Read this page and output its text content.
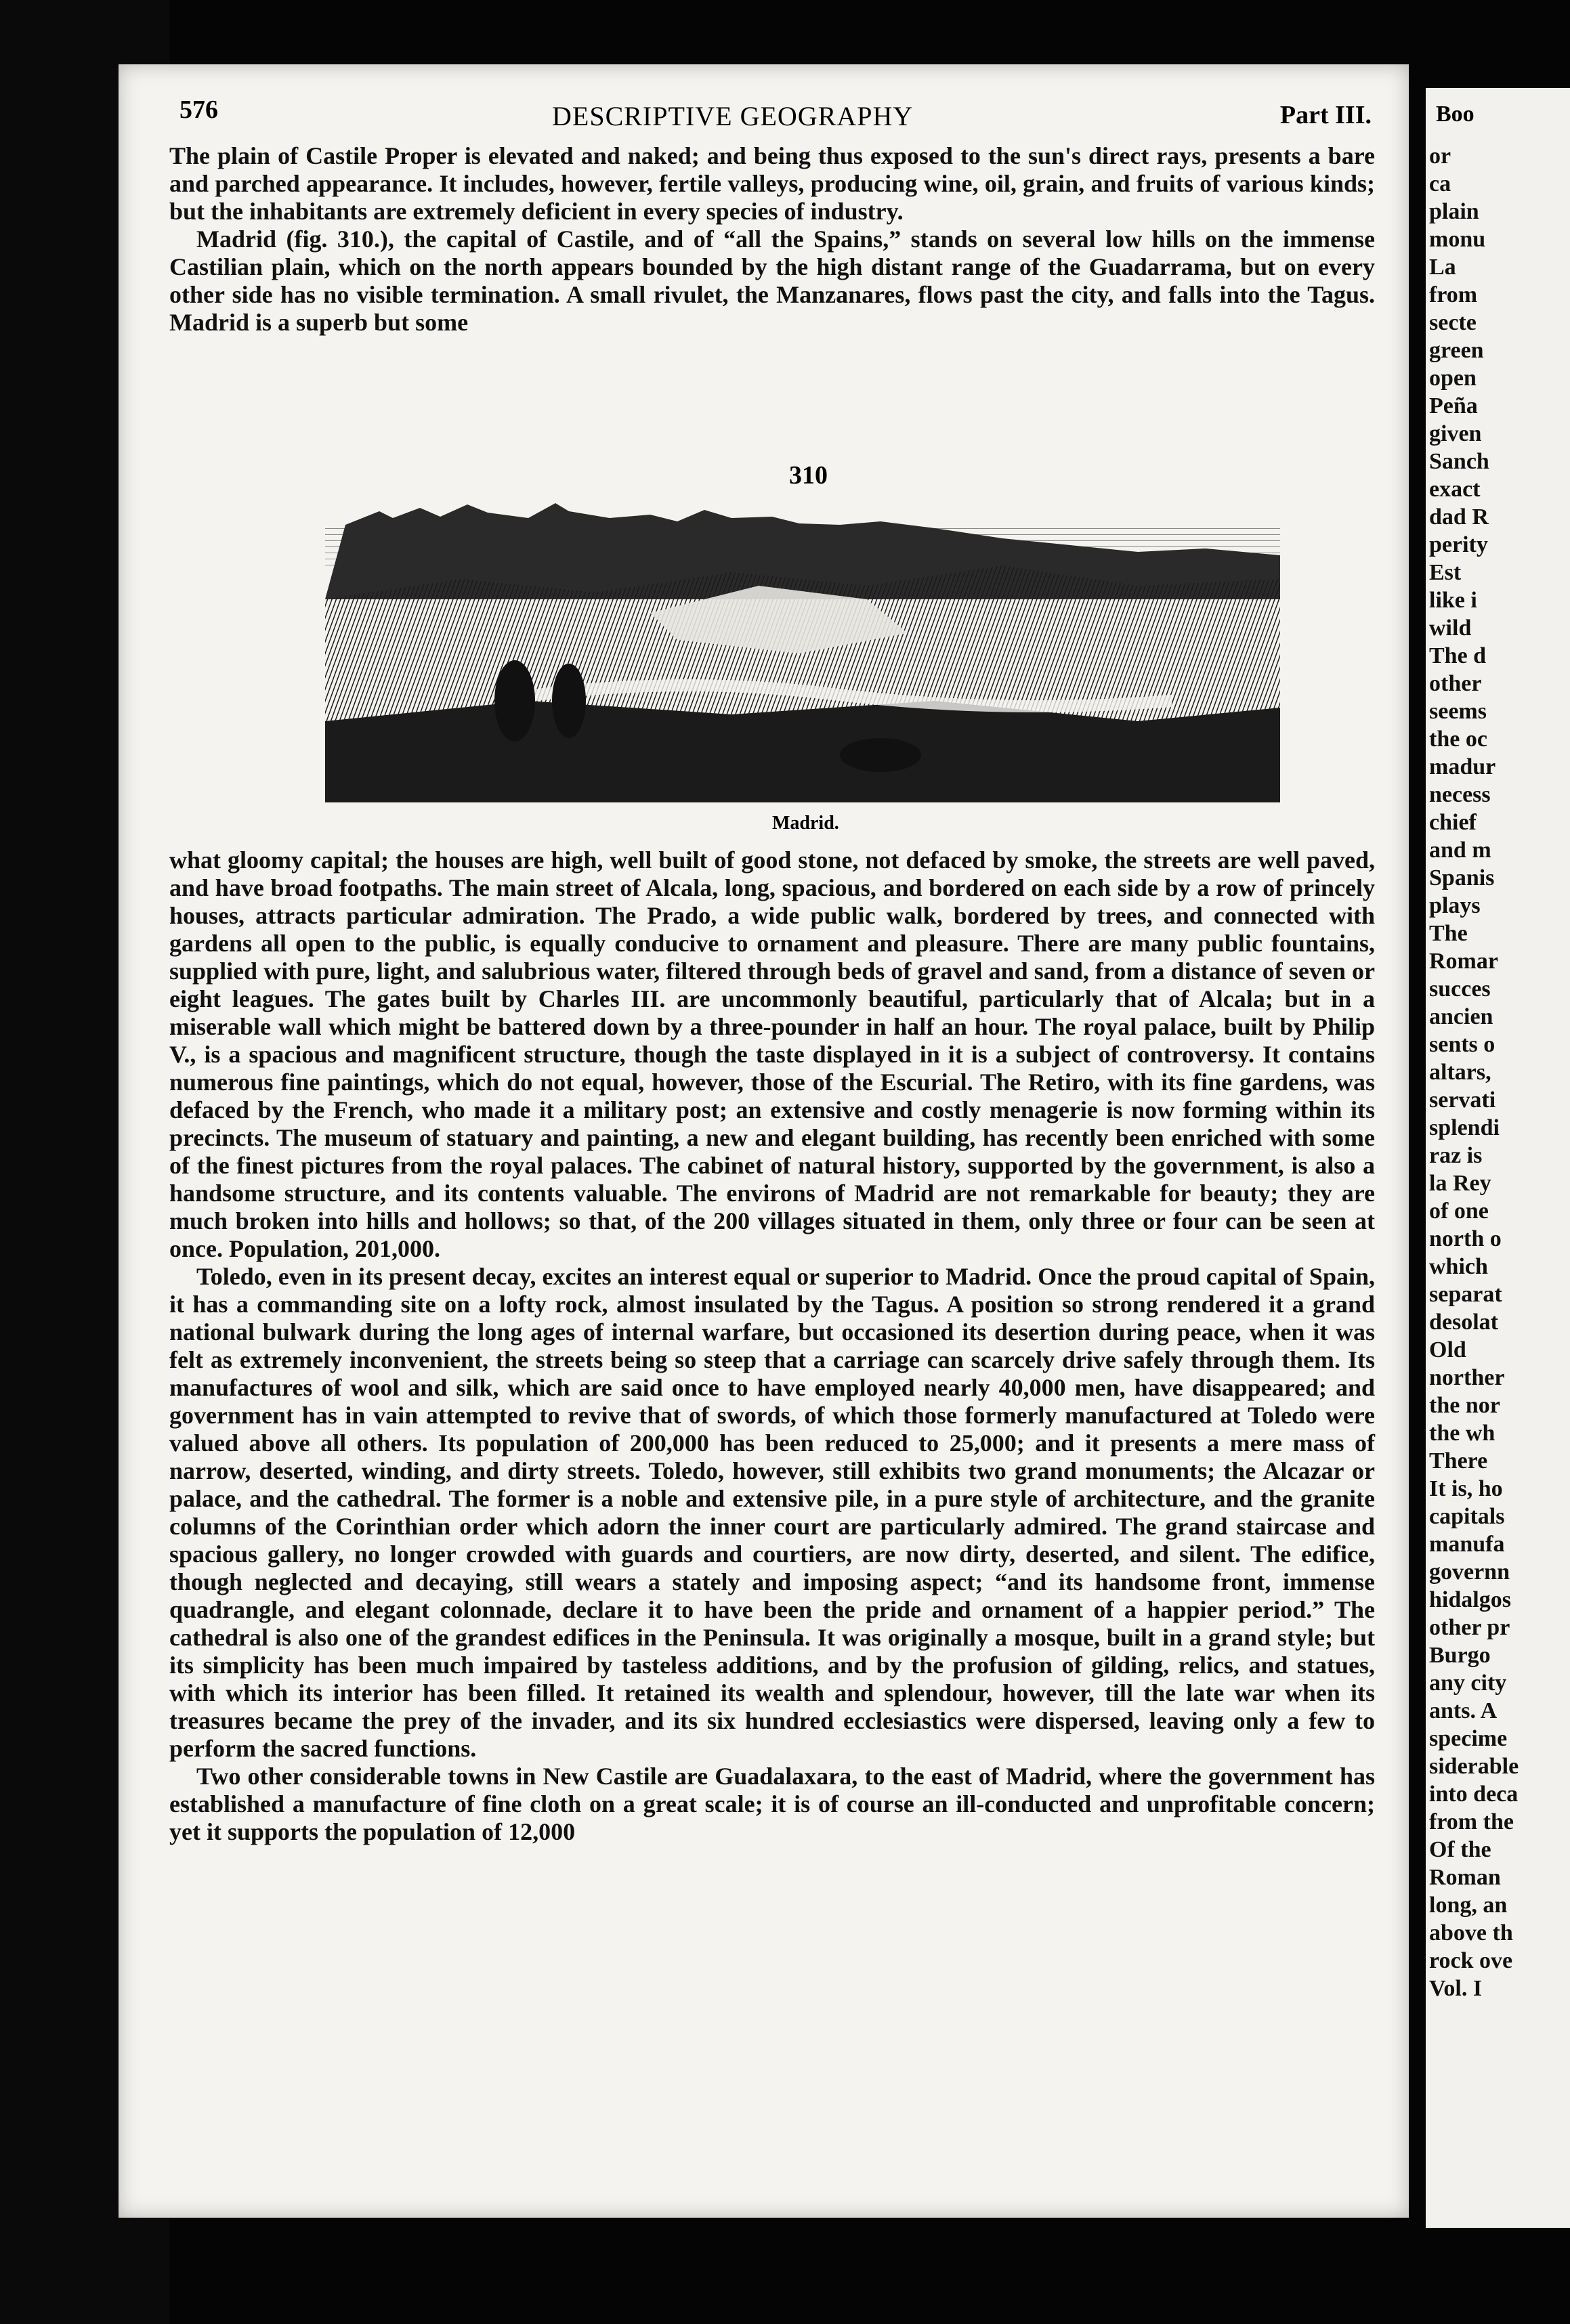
576	DESCRIPTIVE GEOGRAPHY	Part III.

The plain of Castile Proper is elevated and naked; and being thus exposed to the sun's direct rays, presents a bare and parched appearance. It includes, however, fertile valleys, producing wine, oil, grain, and fruits of various kinds; but the inhabitants are extremely deficient in every species of industry.

Madrid (fig. 310.), the capital of Castile, and of “all the Spains,” stands on several low hills on the immense Castilian plain, which on the north appears bounded by the high distant range of the Guadarrama, but on every other side has no visible termination. A small rivulet, the Manzanares, flows past the city, and falls into the Tagus. Madrid is a superb but some

310
Madrid.

what gloomy capital; the houses are high, well built of good stone, not defaced by smoke, the streets are well paved, and have broad footpaths. The main street of Alcala, long, spacious, and bordered on each side by a row of princely houses, attracts particular admiration. The Prado, a wide public walk, bordered by trees, and connected with gardens all open to the public, is equally conducive to ornament and pleasure. There are many public fountains, supplied with pure, light, and salubrious water, filtered through beds of gravel and sand, from a distance of seven or eight leagues. The gates built by Charles III. are uncommonly beautiful, particularly that of Alcala; but in a miserable wall which might be battered down by a three-pounder in half an hour. The royal palace, built by Philip V., is a spacious and magnificent structure, though the taste displayed in it is a subject of controversy. It contains numerous fine paintings, which do not equal, however, those of the Escurial. The Retiro, with its fine gardens, was defaced by the French, who made it a military post; an extensive and costly menagerie is now forming within its precincts. The museum of statuary and painting, a new and elegant building, has recently been enriched with some of the finest pictures from the royal palaces. The cabinet of natural history, supported by the government, is also a handsome structure, and its contents valuable. The environs of Madrid are not remarkable for beauty; they are much broken into hills and hollows; so that, of the 200 villages situated in them, only three or four can be seen at once. Population, 201,000.

Toledo, even in its present decay, excites an interest equal or superior to Madrid. Once the proud capital of Spain, it has a commanding site on a lofty rock, almost insulated by the Tagus. A position so strong rendered it a grand national bulwark during the long ages of internal warfare, but occasioned its desertion during peace, when it was felt as extremely inconvenient, the streets being so steep that a carriage can scarcely drive safely through them. Its manufactures of wool and silk, which are said once to have employed nearly 40,000 men, have disappeared; and government has in vain attempted to revive that of swords, of which those formerly manufactured at Toledo were valued above all others. Its population of 200,000 has been reduced to 25,000; and it presents a mere mass of narrow, deserted, winding, and dirty streets. Toledo, however, still exhibits two grand monuments; the Alcazar or palace, and the cathedral. The former is a noble and extensive pile, in a pure style of architecture, and the granite columns of the Corinthian order which adorn the inner court are particularly admired. The grand staircase and spacious gallery, no longer crowded with guards and courtiers, are now dirty, deserted, and silent. The edifice, though neglected and decaying, still wears a stately and imposing aspect; “and its handsome front, immense quadrangle, and elegant colonnade, declare it to have been the pride and ornament of a happier period.” The cathedral is also one of the grandest edifices in the Peninsula. It was originally a mosque, built in a grand style; but its simplicity has been much impaired by tasteless additions, and by the profusion of gilding, relics, and statues, with which its interior has been filled. It retained its wealth and splendour, however, till the late war when its treasures became the prey of the invader, and its six hundred ecclesiastics were dispersed, leaving only a few to perform the sacred functions.

Two other considerable towns in New Castile are Guadalaxara, to the east of Madrid, where the government has established a manufacture of fine cloth on a great scale; it is of course an ill-conducted and unprofitable concern; yet it supports the population of 12,000

Boo
or
ca
plain
monu
La
from
secte
green
open
Peña
given
Sanch
exact
dad R
perity
Est
like i
wild
The d
other
seems
the oc
madur
necess
chief
and m
Spanis
plays
The
Romar
succes
ancien
sents o
altars,
servati
splendi
raz is
la Rey
of one
north o
which
separat
desolat
Old
norther
the nor
the wh
There
It is, ho
capitals
manufa
governn
hidalgos
other pr
Burgo
any city
ants. A
specime
siderable
into deca
from the
Of the
Roman
long, an
above th
rock ove
Vol. I
